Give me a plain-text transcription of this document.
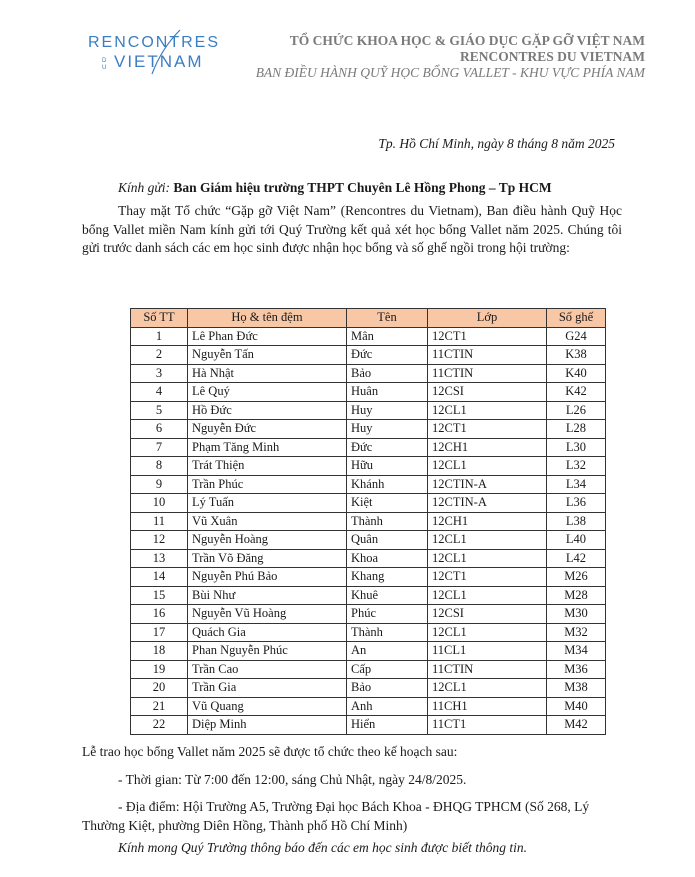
RENCONTRES
DU VIETNAM
TỔ CHỨC KHOA HỌC & GIÁO DỤC GẶP GỠ VIỆT NAM
RENCONTRES DU VIETNAM
BAN ĐIỀU HÀNH QUỸ HỌC BỔNG VALLET - KHU VỰC PHÍA NAM
Tp. Hồ Chí Minh, ngày 8 tháng 8 năm 2025
Kính gửi: Ban Giám hiệu trường THPT Chuyên Lê Hồng Phong – Tp HCM
Thay mặt Tổ chức “Gặp gỡ Việt Nam” (Rencontres du Vietnam), Ban điều hành Quỹ Học bổng Vallet miền Nam kính gửi tới Quý Trường kết quả xét học bổng Vallet năm 2025. Chúng tôi gửi trước danh sách các em học sinh được nhận học bổng và số ghế ngồi trong hội trường:
Số TT	Họ & tên đệm	Tên	Lớp	Số ghế
1	Lê Phan Đức	Mân	12CT1	G24
2	Nguyễn Tấn	Đức	11CTIN	K38
3	Hà Nhật	Bảo	11CTIN	K40
4	Lê Quý	Huân	12CSI	K42
5	Hồ Đức	Huy	12CL1	L26
6	Nguyễn Đức	Huy	12CT1	L28
7	Phạm Tăng Minh	Đức	12CH1	L30
8	Trát Thiện	Hữu	12CL1	L32
9	Trần Phúc	Khánh	12CTIN-A	L34
10	Lý Tuấn	Kiệt	12CTIN-A	L36
11	Vũ Xuân	Thành	12CH1	L38
12	Nguyễn Hoàng	Quân	12CL1	L40
13	Trần Võ Đăng	Khoa	12CL1	L42
14	Nguyễn Phú Bảo	Khang	12CT1	M26
15	Bùi Như	Khuê	12CL1	M28
16	Nguyễn Vũ Hoàng	Phúc	12CSI	M30
17	Quách Gia	Thành	12CL1	M32
18	Phan Nguyễn Phúc	An	11CL1	M34
19	Trần Cao	Cấp	11CTIN	M36
20	Trần Gia	Bảo	12CL1	M38
21	Vũ Quang	Anh	11CH1	M40
22	Diệp Minh	Hiển	11CT1	M42
Lễ trao học bổng Vallet năm 2025 sẽ được tổ chức theo kế hoạch sau:
- Thời gian: Từ 7:00 đến 12:00, sáng Chủ Nhật, ngày 24/8/2025.
- Địa điểm: Hội Trường A5, Trường Đại học Bách Khoa - ĐHQG TPHCM (Số 268, Lý Thường Kiệt, phường Diên Hồng, Thành phố Hồ Chí Minh)
Kính mong Quý Trường thông báo đến các em học sinh được biết thông tin.
